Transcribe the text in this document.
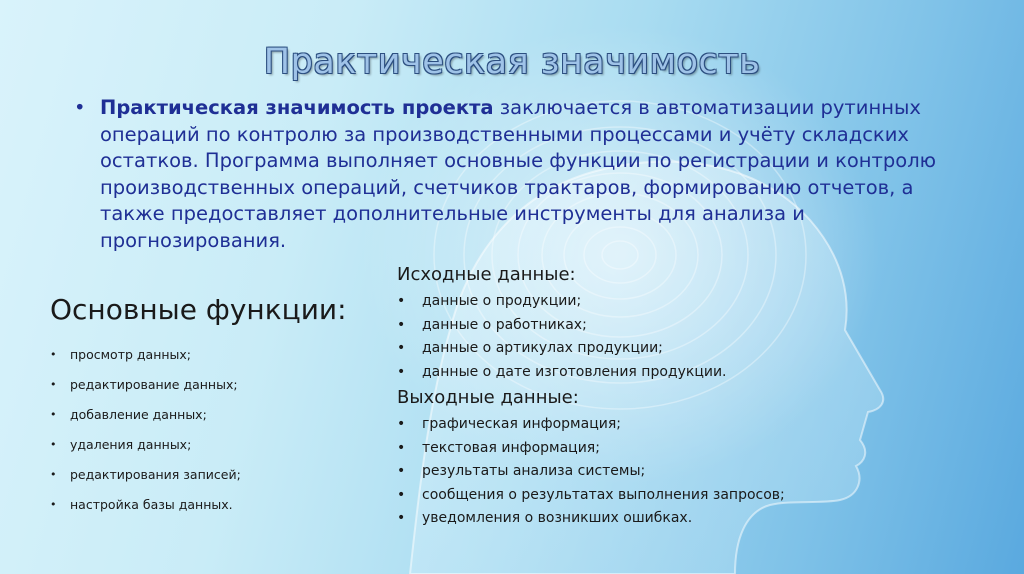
Практическая значимость
• Практическая значимость проекта заключается в автоматизации рутинных операций по контролю за производственными процессами и учёту складских остатков. Программа выполняет основные функции по регистрации и контролю производственных операций, счетчиков трактаров, формированию отчетов, а также предоставляет дополнительные инструменты для анализа и прогнозирования.
Основные функции:
• просмотр данных;
• редактирование данных;
• добавление данных;
• удаления данных;
• редактирования записей;
• настройка базы данных.
Исходные данные:
• данные о продукции;
• данные о работниках;
• данные о артикулах продукции;
• данные о дате изготовления продукции.
Выходные данные:
• графическая информация;
• текстовая информация;
• результаты анализа системы;
• сообщения о результатах выполнения запросов;
• уведомления о возникших ошибках.
